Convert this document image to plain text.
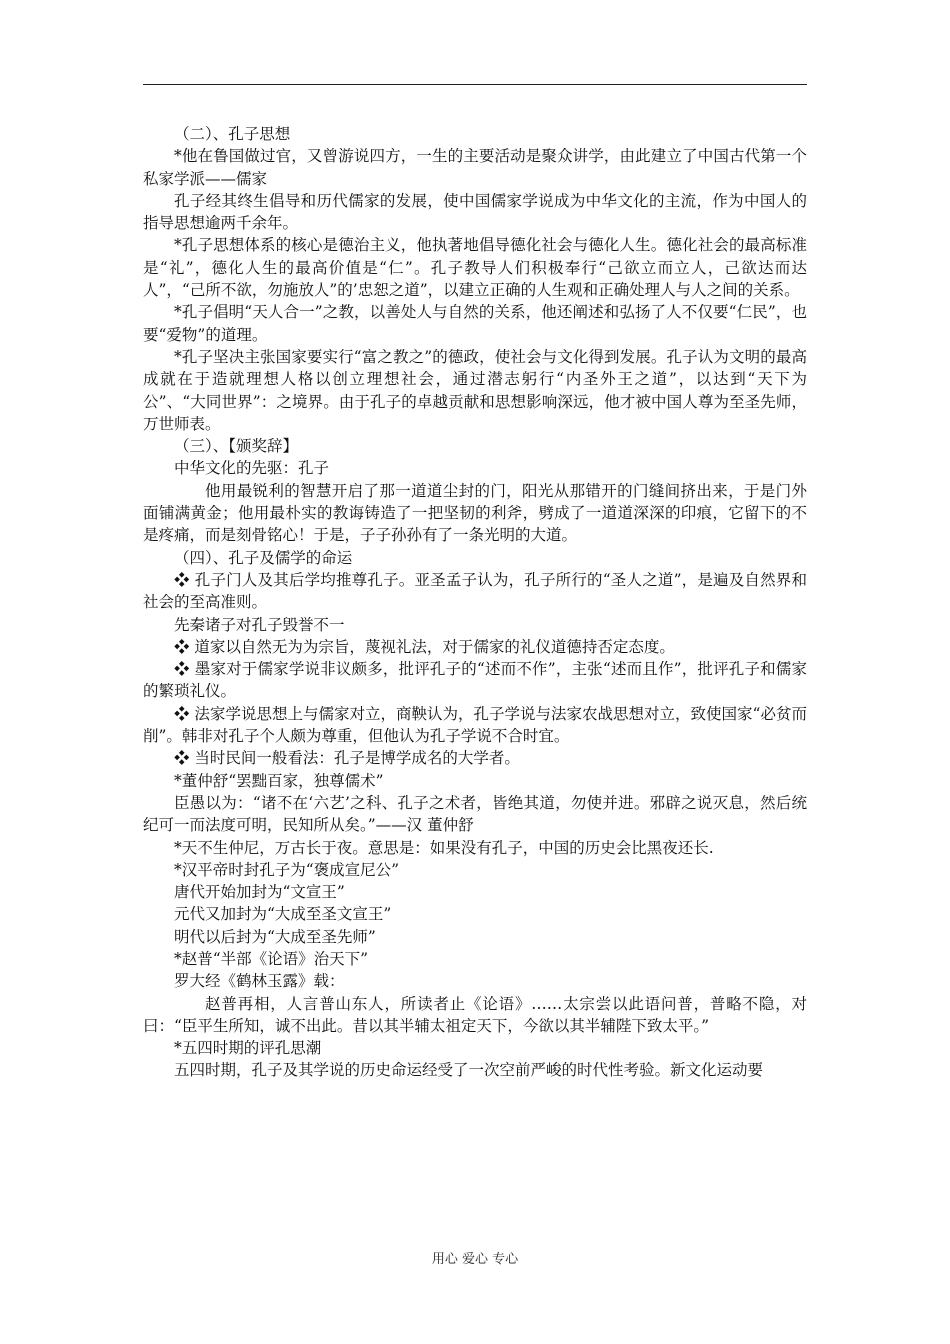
（二）、孔子思想

*他在鲁国做过官，又曾游说四方，一生的主要活动是聚众讲学，由此建立了中国古代第一个私家学派——儒家

孔子经其终生倡导和历代儒家的发展，使中国儒家学说成为中华文化的主流，作为中国人的指导思想逾两千余年。

*孔子思想体系的核心是德治主义，他执著地倡导德化社会与德化人生。德化社会的最高标准是“礼”，德化人生的最高价值是“仁”。孔子教导人们积极奉行“己欲立而立人，己欲达而达人”，“己所不欲，勿施放人”的’忠恕之道”，以建立正确的人生观和正确处理人与人之间的关系。

*孔子倡明“天人合一”之教，以善处人与自然的关系，他还阐述和弘扬了人不仅要“仁民”，也要“爱物”的道理。

*孔子坚决主张国家要实行“富之教之”的德政，使社会与文化得到发展。孔子认为文明的最高成就在于造就理想人格以创立理想社会，通过潜志躬行“内圣外王之道”，以达到“天下为　公”、“大同世界”：之境界。由于孔子的卓越贡献和思想影响深远，他才被中国人尊为至圣先师，万世师表。

（三）、【颁奖辞】

中华文化的先驱：孔子

他用最锐利的智慧开启了那一道道尘封的门，阳光从那错开的门缝间挤出来，于是门外面铺满黄金；他用最朴实的教诲铸造了一把坚韧的利斧，劈成了一道道深深的印痕，它留下的不是疼痛，而是刻骨铭心！于是，子子孙孙有了一条光明的大道。

（四）、孔子及儒学的命运

❖ 孔子门人及其后学均推尊孔子。亚圣孟子认为，孔子所行的“圣人之道”，是遍及自然界和社会的至高准则。

先秦诸子对孔子毁誉不一

❖ 道家以自然无为为宗旨，蔑视礼法，对于儒家的礼仪道德持否定态度。

❖ 墨家对于儒家学说非议颇多，批评孔子的“述而不作”，主张“述而且作”，批评孔子和儒家的繁琐礼仪。

❖ 法家学说思想上与儒家对立，商鞅认为，孔子学说与法家农战思想对立，致使国家“必贫而削”。韩非对孔子个人颇为尊重，但他认为孔子学说不合时宜。

❖ 当时民间一般看法：孔子是博学成名的大学者。

*董仲舒“罢黜百家，独尊儒术”

臣愚以为：“诸不在‘六艺’之科、孔子之术者，皆绝其道，勿使并进。邪辟之说灭息，然后统纪可一而法度可明，民知所从矣。”——汉 董仲舒

*天不生仲尼，万古长于夜。意思是：如果没有孔子，中国的历史会比黑夜还长.

*汉平帝时封孔子为“褒成宣尼公”

唐代开始加封为“文宣王”

元代又加封为“大成至圣文宣王”

明代以后封为“大成至圣先师”

*赵普“半部《论语》治天下”

罗大经《鹤林玉露》载：

赵普再相，人言普山东人，所读者止《论语》……太宗尝以此语问普，普略不隐，对曰：“臣平生所知，诚不出此。昔以其半辅太祖定天下，今欲以其半辅陛下致太平。”

*五四时期的评孔思潮

五四时期，孔子及其学说的历史命运经受了一次空前严峻的时代性考验。新文化运动要

用心 爱心 专心
